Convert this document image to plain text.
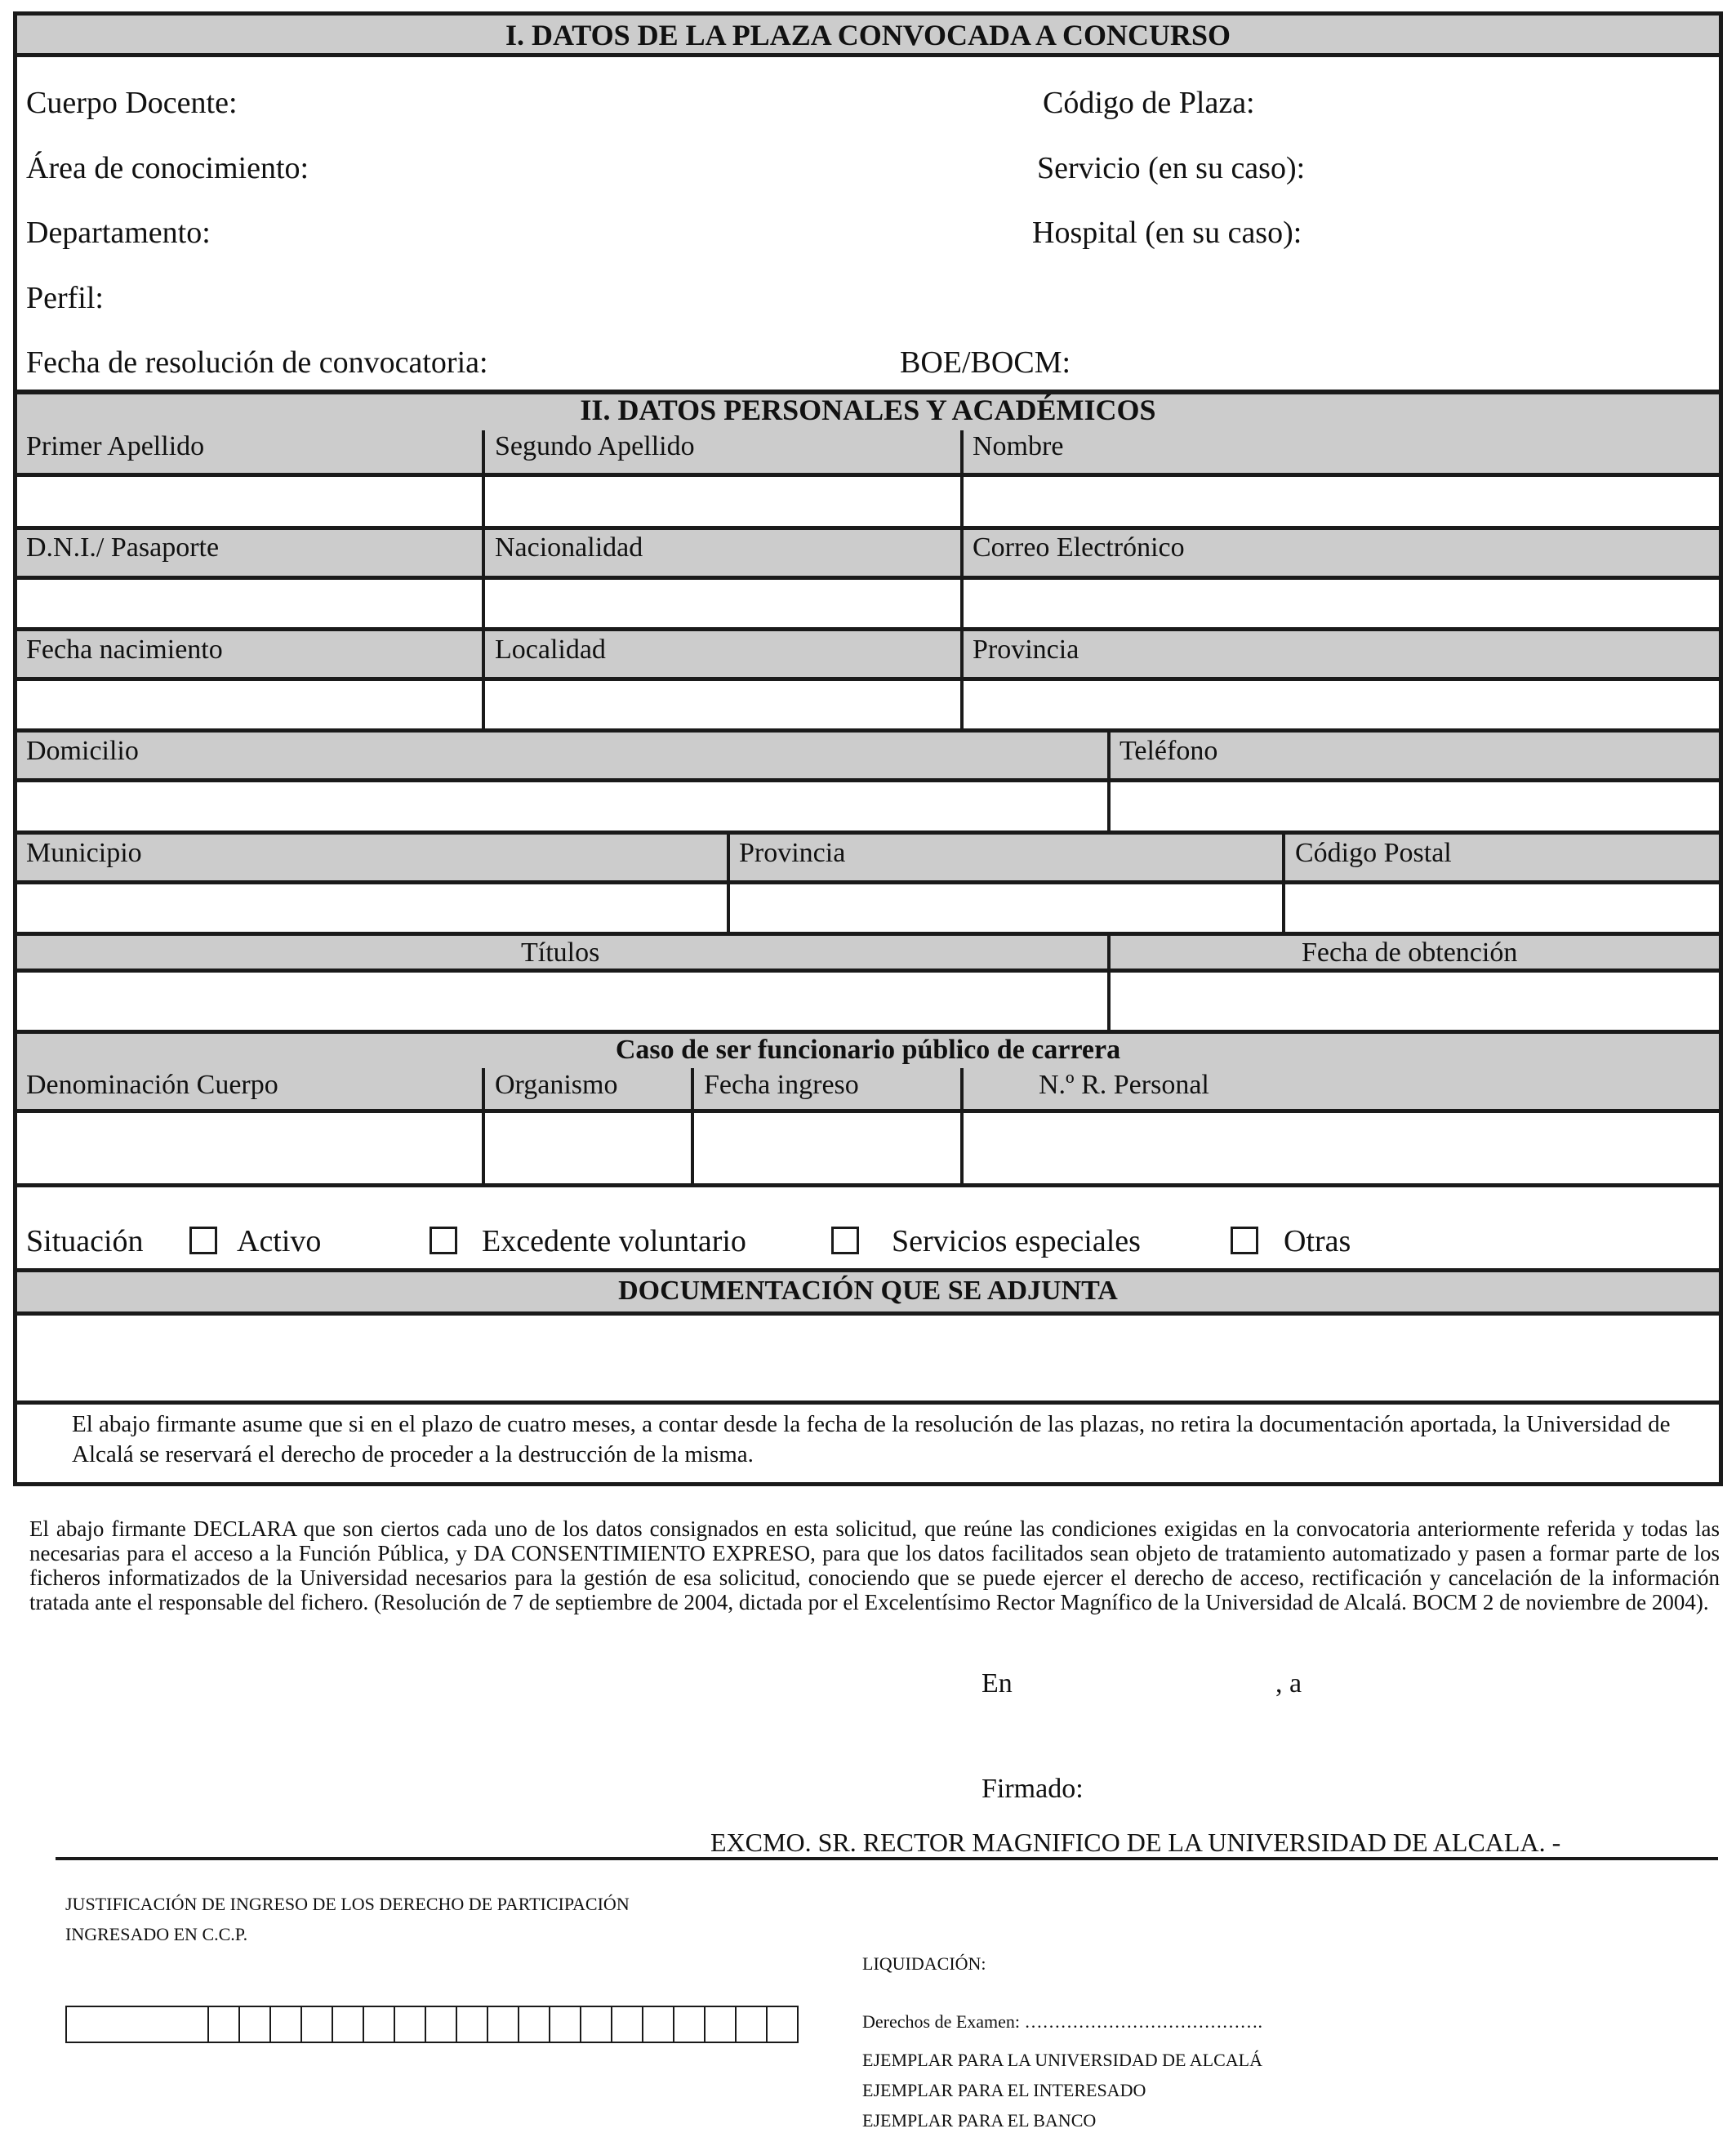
I. DATOS DE LA PLAZA CONVOCADA A CONCURSO
Cuerpo Docente:	Código de Plaza:
Área de conocimiento:	Servicio (en su caso):
Departamento:	Hospital (en su caso):
Perfil:
Fecha de resolución de convocatoria:	BOE/BOCM:
II. DATOS PERSONALES Y ACADÉMICOS
Primer Apellido	Segundo Apellido	Nombre
D.N.I./ Pasaporte	Nacionalidad	Correo Electrónico
Fecha nacimiento	Localidad	Provincia
Domicilio	Teléfono
Municipio	Provincia	Código Postal
Títulos	Fecha de obtención
Caso de ser funcionario público de carrera
Denominación Cuerpo	Organismo	Fecha ingreso	N.º R. Personal
Situación	Activo	Excedente voluntario	Servicios especiales	Otras
DOCUMENTACIÓN QUE SE ADJUNTA
El abajo firmante asume que si en el plazo de cuatro meses, a contar desde la fecha de la resolución de las plazas, no retira la documentación aportada, la Universidad de Alcalá se reservará el derecho de proceder a la destrucción de la misma.
El abajo firmante DECLARA que son ciertos cada uno de los datos consignados en esta solicitud, que reúne las condiciones exigidas en la convocatoria anteriormente referida y todas las necesarias para el acceso a la Función Pública, y DA CONSENTIMIENTO EXPRESO, para que los datos facilitados sean objeto de tratamiento automatizado y pasen a formar parte de los ficheros informatizados de la Universidad necesarios para la gestión de esa solicitud, conociendo que se puede ejercer el derecho de acceso, rectificación y cancelación de la información tratada ante el responsable del fichero. (Resolución de 7 de septiembre de 2004, dictada por el Excelentísimo Rector Magnífico de la Universidad de Alcalá. BOCM 2 de noviembre de 2004).
En	, a
Firmado:
EXCMO. SR. RECTOR MAGNIFICO DE LA UNIVERSIDAD DE ALCALA. -
JUSTIFICACIÓN DE INGRESO DE LOS DERECHO DE PARTICIPACIÓN
INGRESADO EN C.C.P.
LIQUIDACIÓN:
Derechos de Examen: ………………………………….
EJEMPLAR PARA LA UNIVERSIDAD DE ALCALÁ
EJEMPLAR PARA EL INTERESADO
EJEMPLAR PARA EL BANCO
